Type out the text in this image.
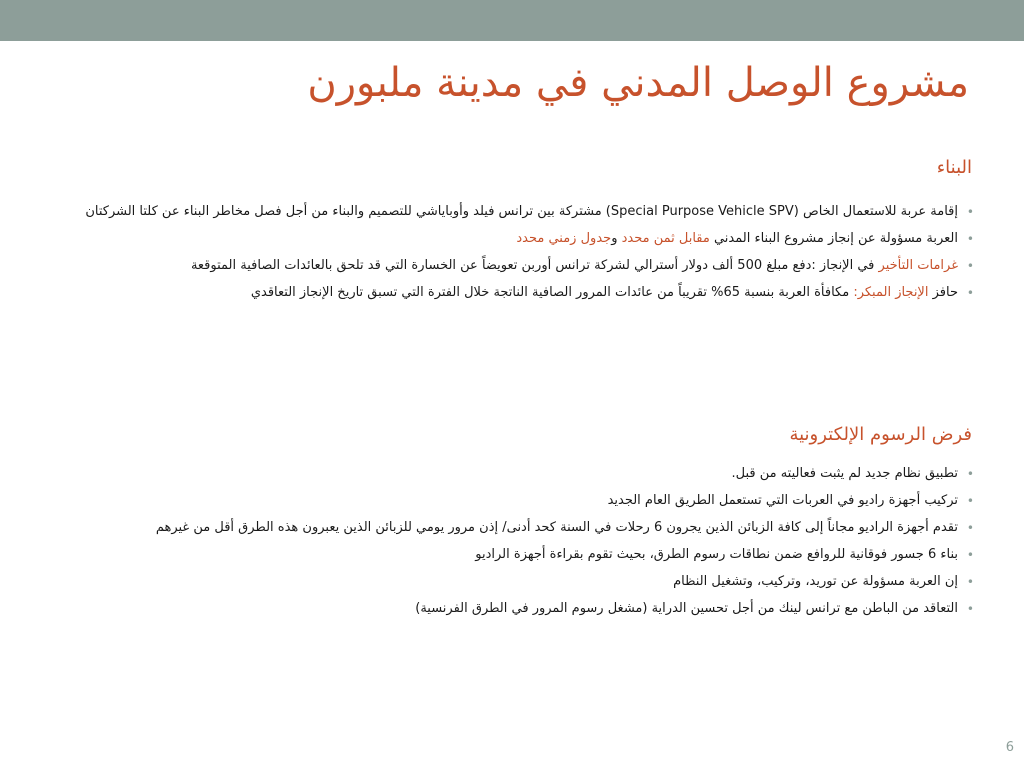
مشروع الوصل المدني في مدينة ملبورن
البناء
•
إقامة عربة للاستعمال الخاص (Special Purpose Vehicle SPV) مشتركة بين ترانس فيلد وأوباياشي للتصميم والبناء من أجل فصل مخاطر البناء عن كلتا الشركتان
•
العربة مسؤولة عن إنجاز مشروع البناء المدني مقابل ثمن محدد وجدول زمني محدد
•
غرامات التأخير في الإنجاز :دفع مبلغ 500 ألف دولار أسترالي لشركة ترانس أوربن تعويضاً عن الخسارة التي قد تلحق بالعائدات الصافية المتوقعة
•
حافز الإنجاز المبكر: مكافأة العربة بنسبة 65% تقريباً من عائدات المرور الصافية الناتجة خلال الفترة التي تسبق تاريخ الإنجاز التعاقدي
فرض الرسوم الإلكترونية
•
تطبيق نظام جديد لم يثبت فعاليته من قبل.
•
تركيب أجهزة راديو في العربات التي تستعمل الطريق العام الجديد
•
تقدم أجهزة الراديو مجاناً إلى كافة الزبائن الذين يجرون 6 رحلات في السنة كحد أدنى/ إذن مرور يومي للزبائن الذين يعبرون هذه الطرق أقل من غيرهم
•
بناء 6 جسور فوقانية للروافع ضمن نطاقات رسوم الطرق، بحيث تقوم بقراءة أجهزة الراديو
•
إن العربة مسؤولة عن توريد، وتركيب، وتشغيل النظام
•
التعاقد من الباطن مع ترانس لينك من أجل تحسين الدراية (مشغل رسوم المرور في الطرق الفرنسية)
6
